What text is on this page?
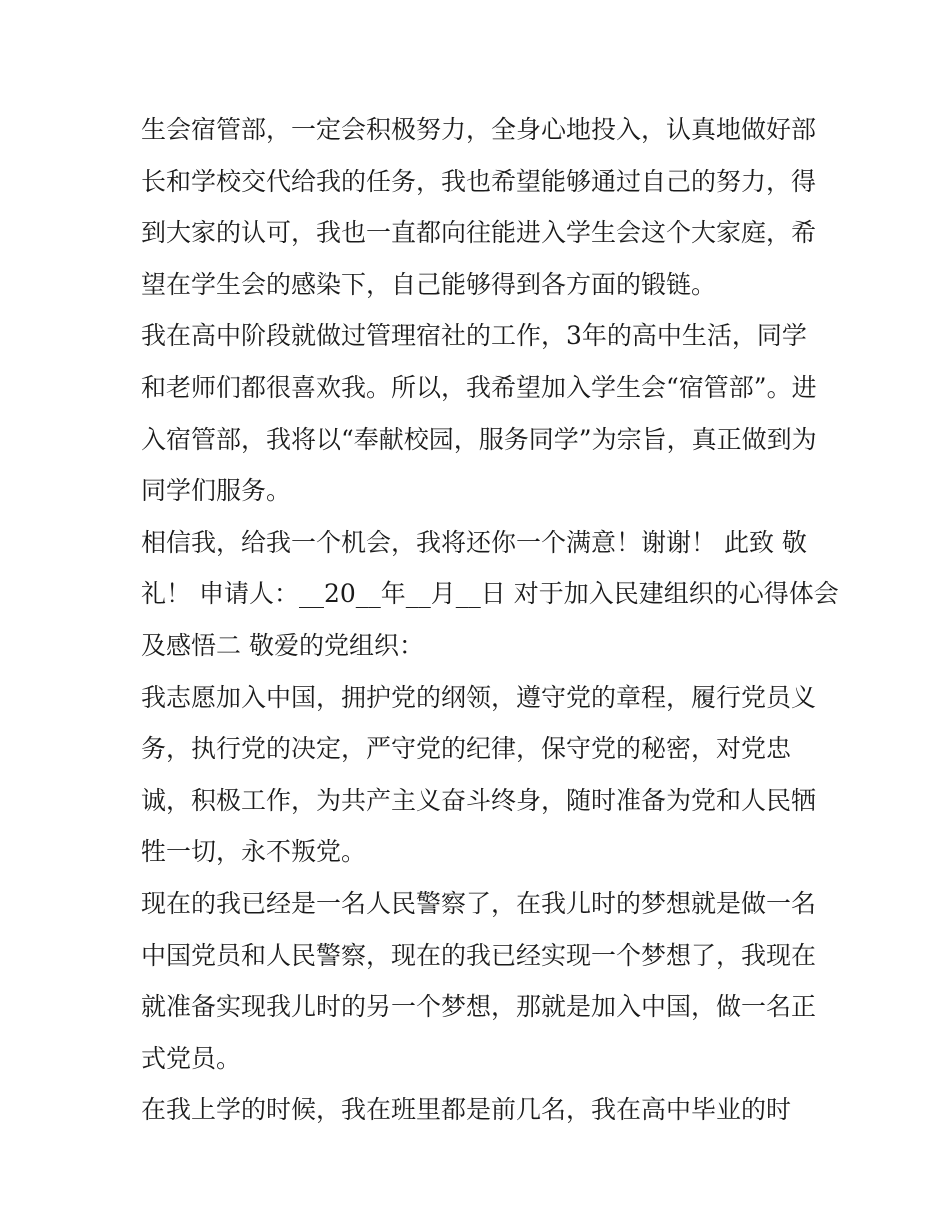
生会宿管部，一定会积极努力，全身心地投入，认真地做好部
长和学校交代给我的任务，我也希望能够通过自己的努力，得
到大家的认可，我也一直都向往能进入学生会这个大家庭，希
望在学生会的感染下，自己能够得到各方面的锻链。
我在高中阶段就做过管理宿社的工作，3年的高中生活，同学
和老师们都很喜欢我。所以，我希望加入学生会“宿管部”。进
入宿管部，我将以“奉献校园，服务同学”为宗旨，真正做到为
同学们服务。
相信我，给我一个机会，我将还你一个满意！谢谢！ 此致 敬
礼！ 申请人：__20__年__月__日 对于加入民建组织的心得体会
及感悟二 敬爱的党组织：
我志愿加入中国，拥护党的纲领，遵守党的章程，履行党员义
务，执行党的决定，严守党的纪律，保守党的秘密，对党忠
诚，积极工作，为共产主义奋斗终身，随时准备为党和人民牺
牲一切，永不叛党。
现在的我已经是一名人民警察了，在我儿时的梦想就是做一名
中国党员和人民警察，现在的我已经实现一个梦想了，我现在
就准备实现我儿时的另一个梦想，那就是加入中国，做一名正
式党员。
在我上学的时候，我在班里都是前几名，我在高中毕业的时
